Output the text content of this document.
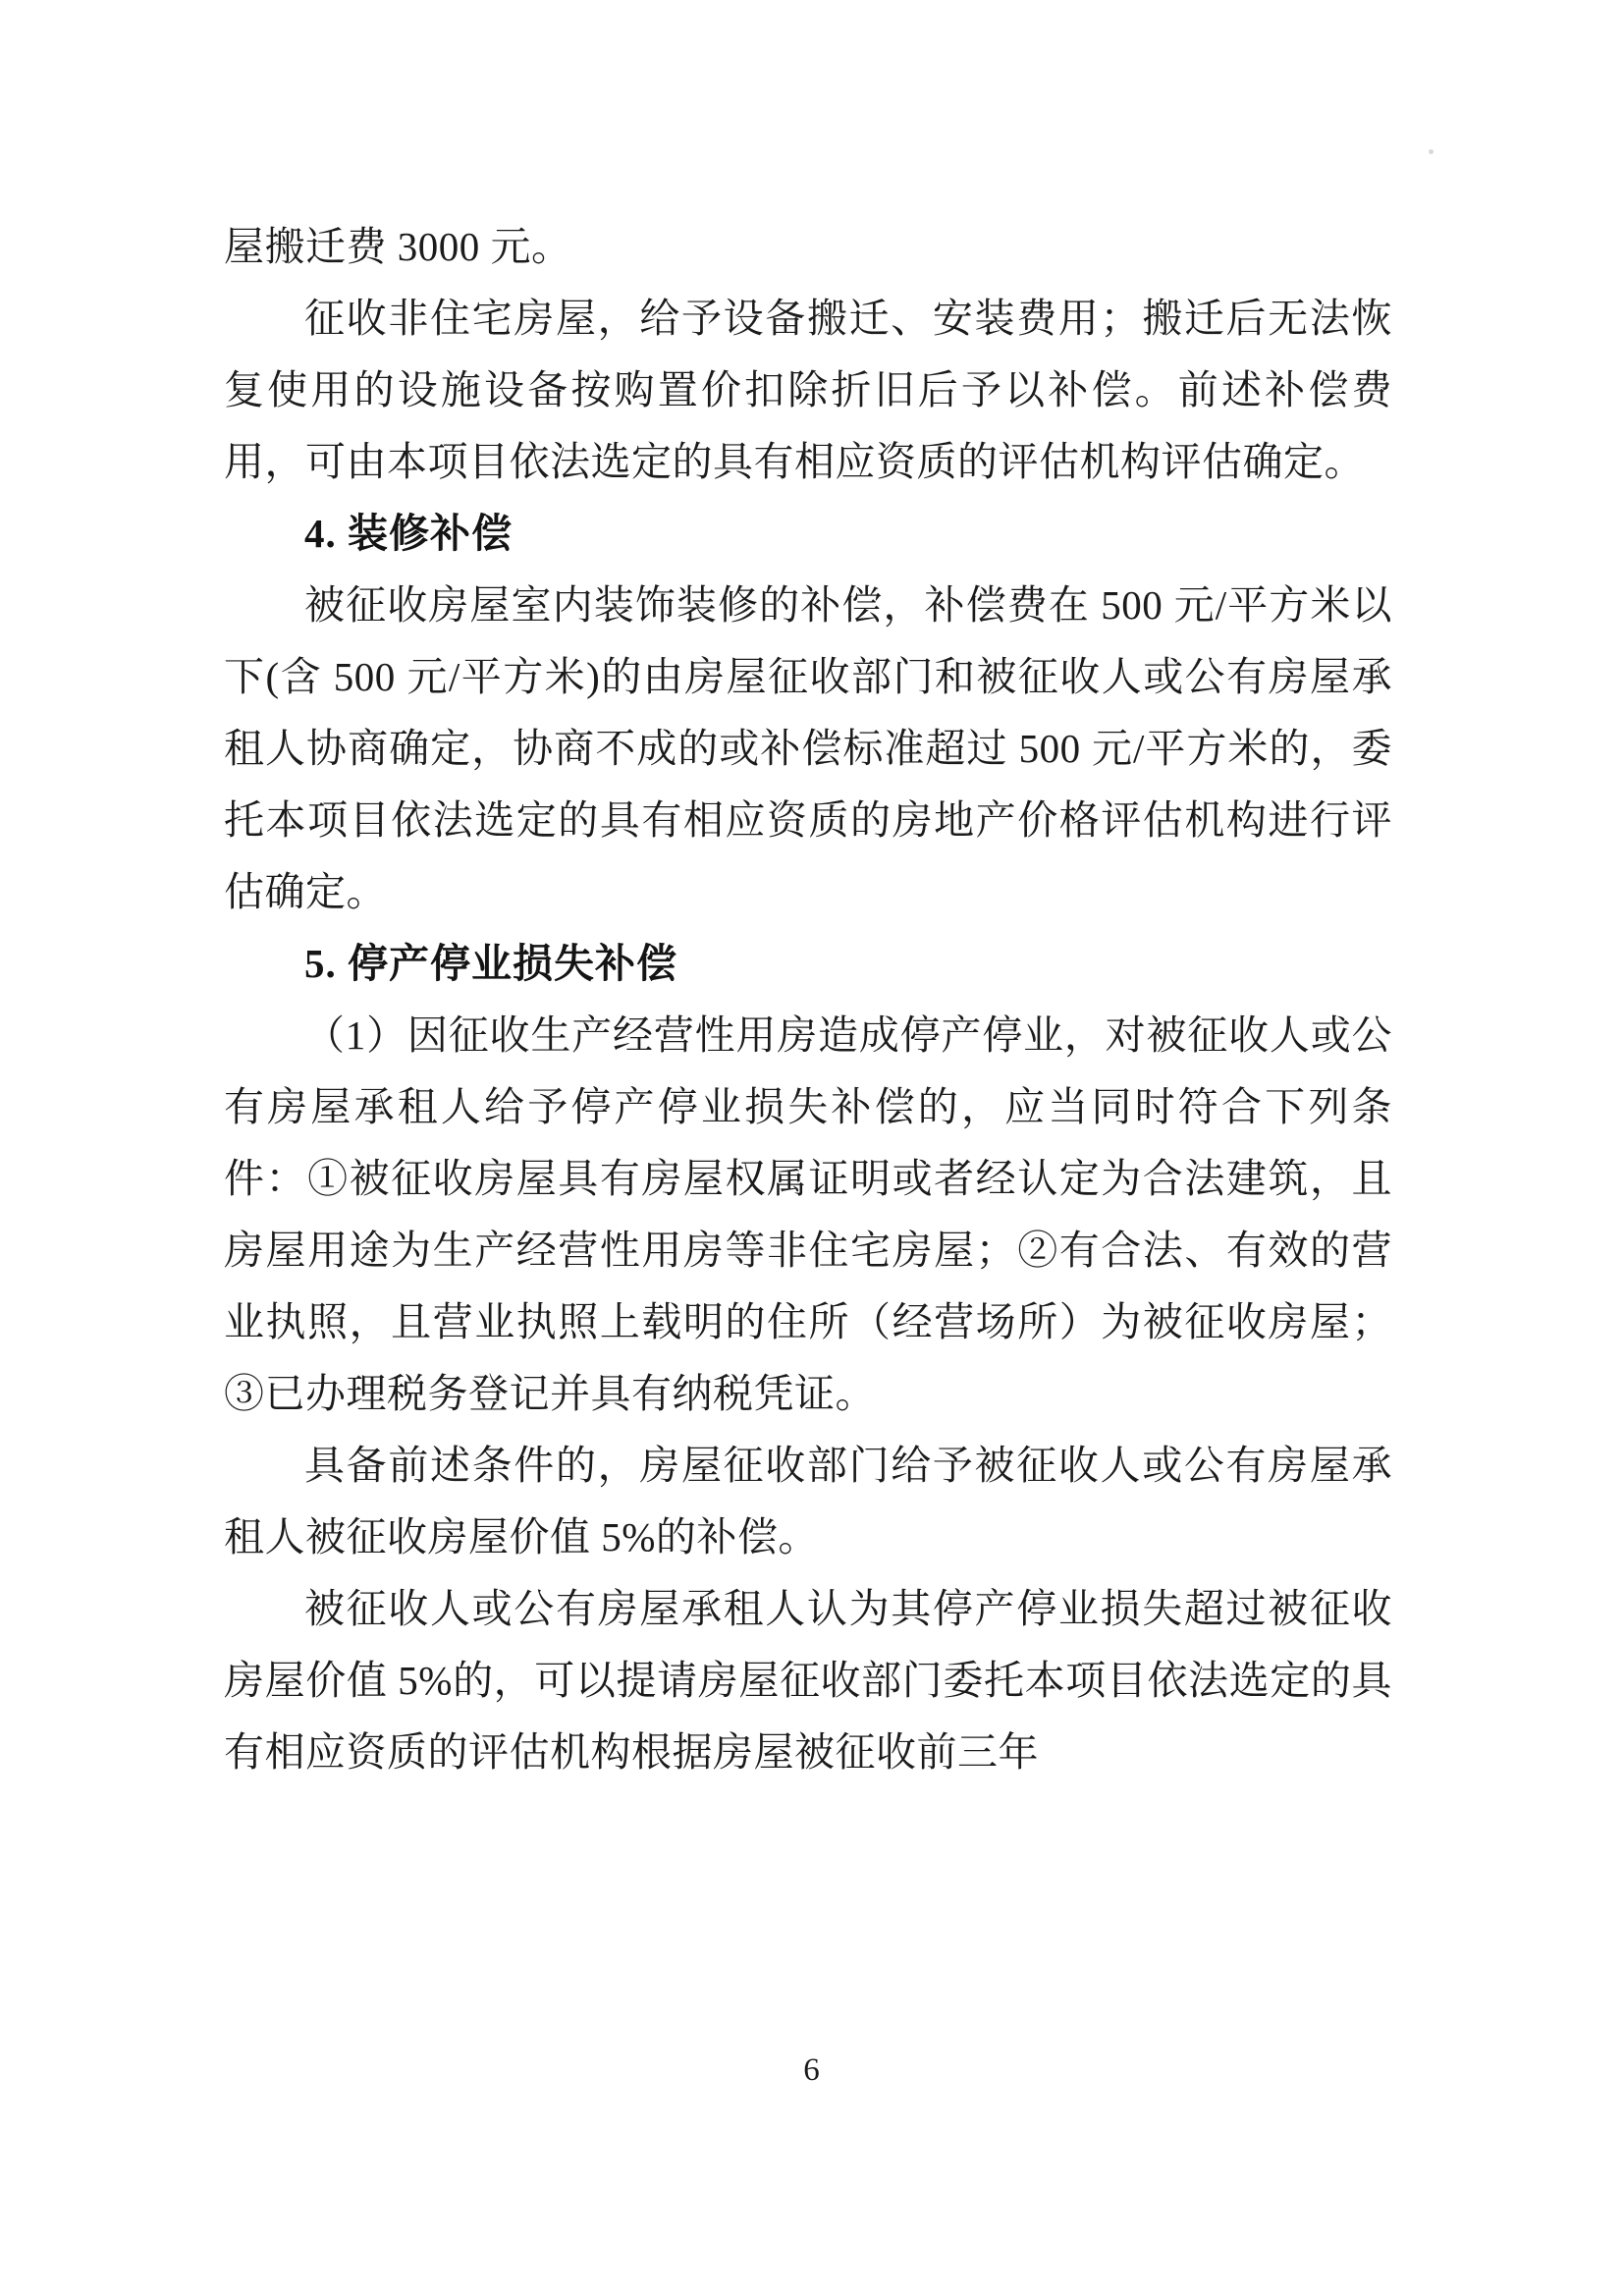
屋搬迁费 3000 元。

征收非住宅房屋，给予设备搬迁、安装费用；搬迁后无法恢复使用的设施设备按购置价扣除折旧后予以补偿。前述补偿费用，可由本项目依法选定的具有相应资质的评估机构评估确定。

4. 装修补偿

被征收房屋室内装饰装修的补偿，补偿费在 500 元/平方米以下(含 500 元/平方米)的由房屋征收部门和被征收人或公有房屋承租人协商确定，协商不成的或补偿标准超过 500 元/平方米的，委托本项目依法选定的具有相应资质的房地产价格评估机构进行评估确定。

5. 停产停业损失补偿

（1）因征收生产经营性用房造成停产停业，对被征收人或公有房屋承租人给予停产停业损失补偿的，应当同时符合下列条件：①被征收房屋具有房屋权属证明或者经认定为合法建筑，且房屋用途为生产经营性用房等非住宅房屋；②有合法、有效的营业执照，且营业执照上载明的住所（经营场所）为被征收房屋；③已办理税务登记并具有纳税凭证。

具备前述条件的，房屋征收部门给予被征收人或公有房屋承租人被征收房屋价值 5%的补偿。

被征收人或公有房屋承租人认为其停产停业损失超过被征收房屋价值 5%的，可以提请房屋征收部门委托本项目依法选定的具有相应资质的评估机构根据房屋被征收前三年

6
